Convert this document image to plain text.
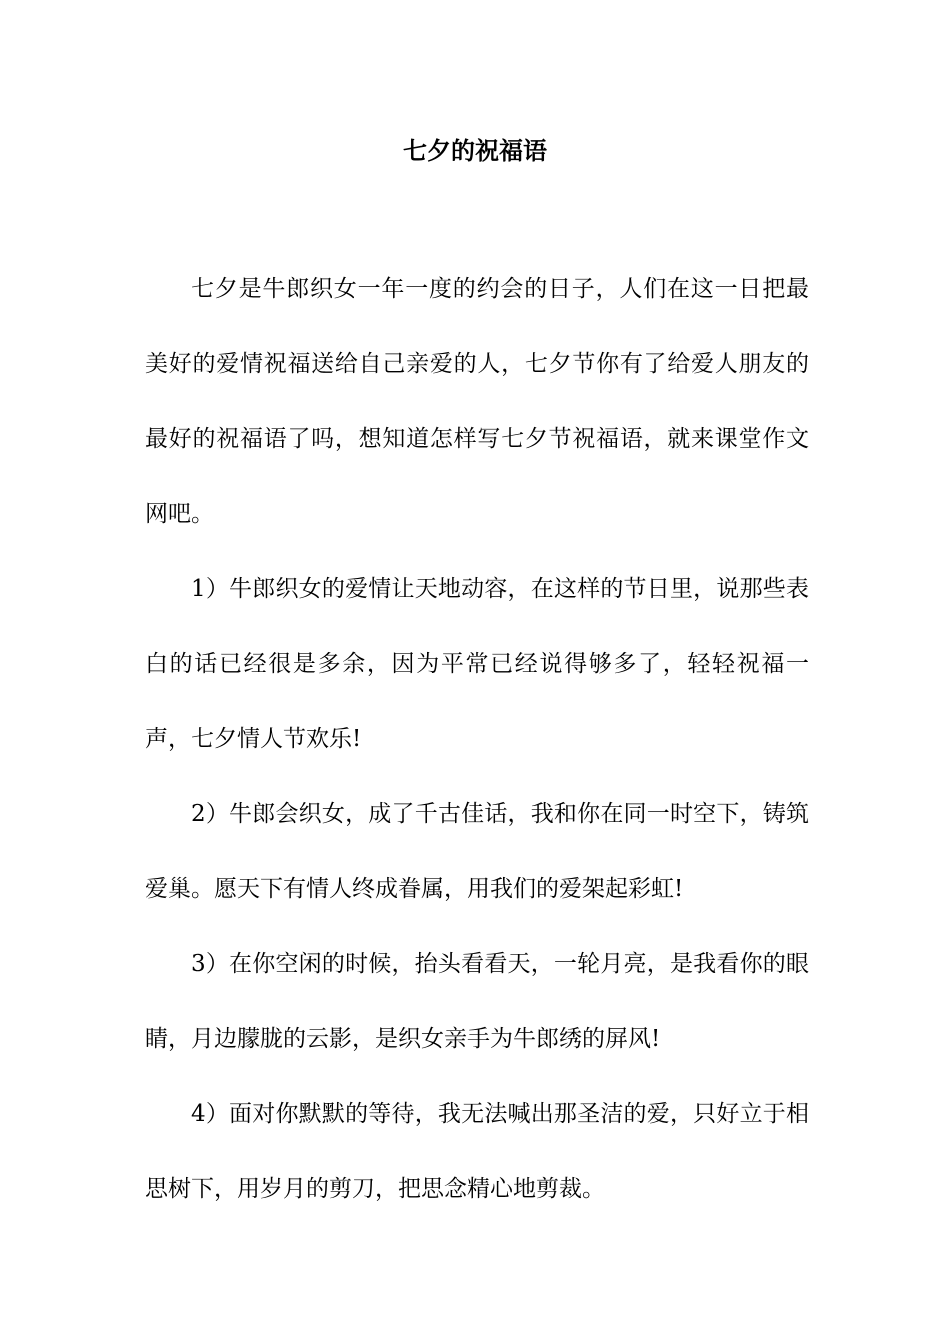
七夕的祝福语

七夕是牛郎织女一年一度的约会的日子，人们在这一日把最美好的爱情祝福送给自己亲爱的人，七夕节你有了给爱人朋友的最好的祝福语了吗，想知道怎样写七夕节祝福语，就来课堂作文网吧。

1）牛郎织女的爱情让天地动容，在这样的节日里，说那些表白的话已经很是多余，因为平常已经说得够多了，轻轻祝福一声，七夕情人节欢乐!

2）牛郎会织女，成了千古佳话，我和你在同一时空下，铸筑爱巢。愿天下有情人终成眷属，用我们的爱架起彩虹!

3）在你空闲的时候，抬头看看天，一轮月亮，是我看你的眼睛，月边朦胧的云影，是织女亲手为牛郎绣的屏风!

4）面对你默默的等待，我无法喊出那圣洁的爱，只好立于相思树下，用岁月的剪刀，把思念精心地剪裁。
